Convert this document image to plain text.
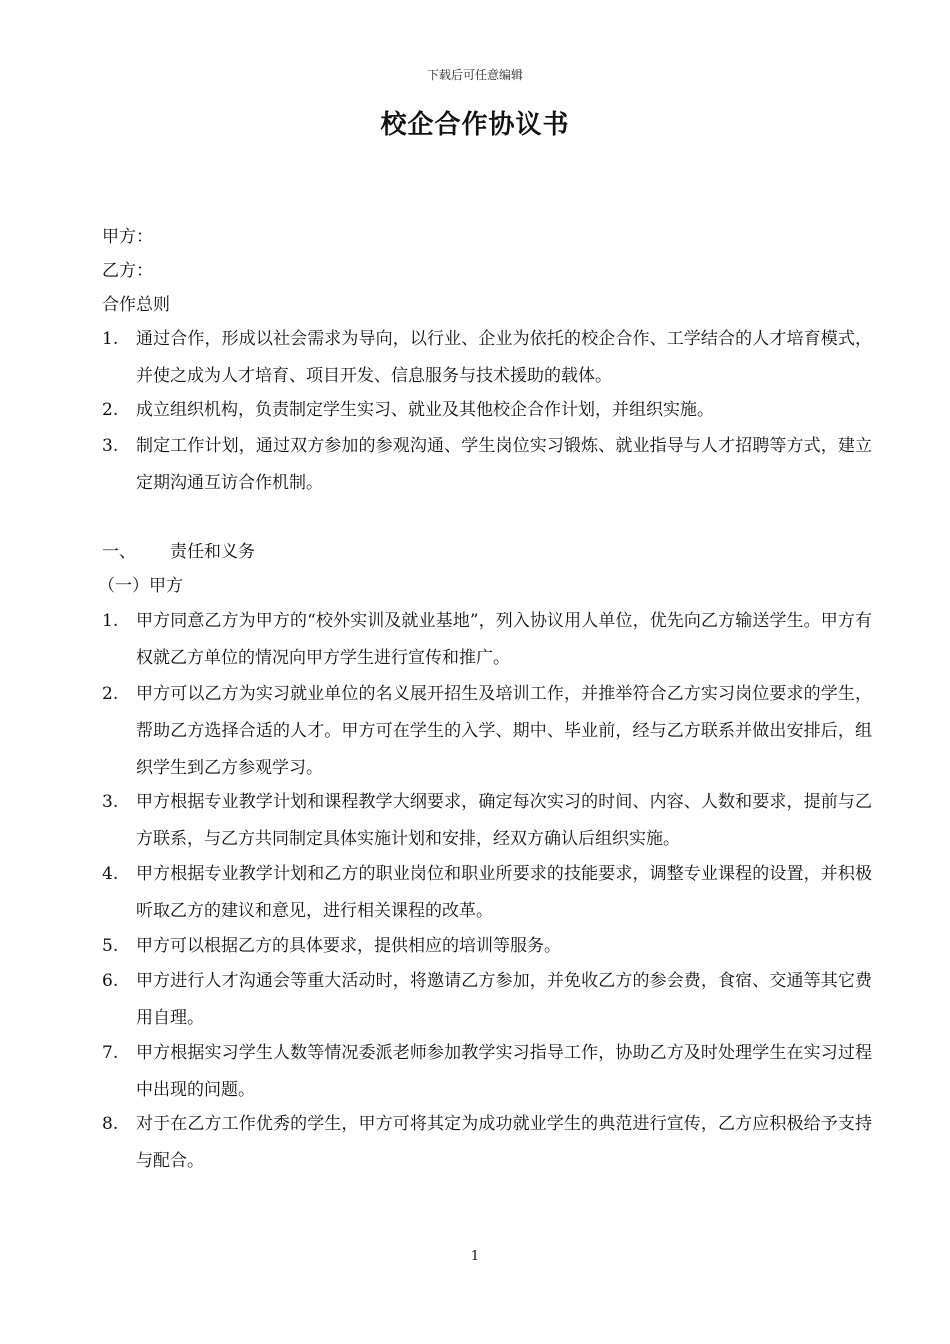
下载后可任意编辑
校企合作协议书
甲方：
乙方：
合作总则
1.	通过合作，形成以社会需求为导向，以行业、企业为依托的校企合作、工学结合的人才培育模式，并使之成为人才培育、项目开发、信息服务与技术援助的载体。
2.	成立组织机构，负责制定学生实习、就业及其他校企合作计划，并组织实施。
3.	制定工作计划，通过双方参加的参观沟通、学生岗位实习锻炼、就业指导与人才招聘等方式，建立定期沟通互访合作机制。
一、 责任和义务
（一）甲方
1.	甲方同意乙方为甲方的“校外实训及就业基地”，列入协议用人单位，优先向乙方输送学生。甲方有权就乙方单位的情况向甲方学生进行宣传和推广。
2.	甲方可以乙方为实习就业单位的名义展开招生及培训工作，并推举符合乙方实习岗位要求的学生，帮助乙方选择合适的人才。甲方可在学生的入学、期中、毕业前，经与乙方联系并做出安排后，组织学生到乙方参观学习。
3.	甲方根据专业教学计划和课程教学大纲要求，确定每次实习的时间、内容、人数和要求，提前与乙方联系，与乙方共同制定具体实施计划和安排，经双方确认后组织实施。
4.	甲方根据专业教学计划和乙方的职业岗位和职业所要求的技能要求，调整专业课程的设置，并积极听取乙方的建议和意见，进行相关课程的改革。
5.	甲方可以根据乙方的具体要求，提供相应的培训等服务。
6.	甲方进行人才沟通会等重大活动时，将邀请乙方参加，并免收乙方的参会费，食宿、交通等其它费用自理。
7.	甲方根据实习学生人数等情况委派老师参加教学实习指导工作，协助乙方及时处理学生在实习过程中出现的问题。
8.	对于在乙方工作优秀的学生，甲方可将其定为成功就业学生的典范进行宣传，乙方应积极给予支持与配合。
1
